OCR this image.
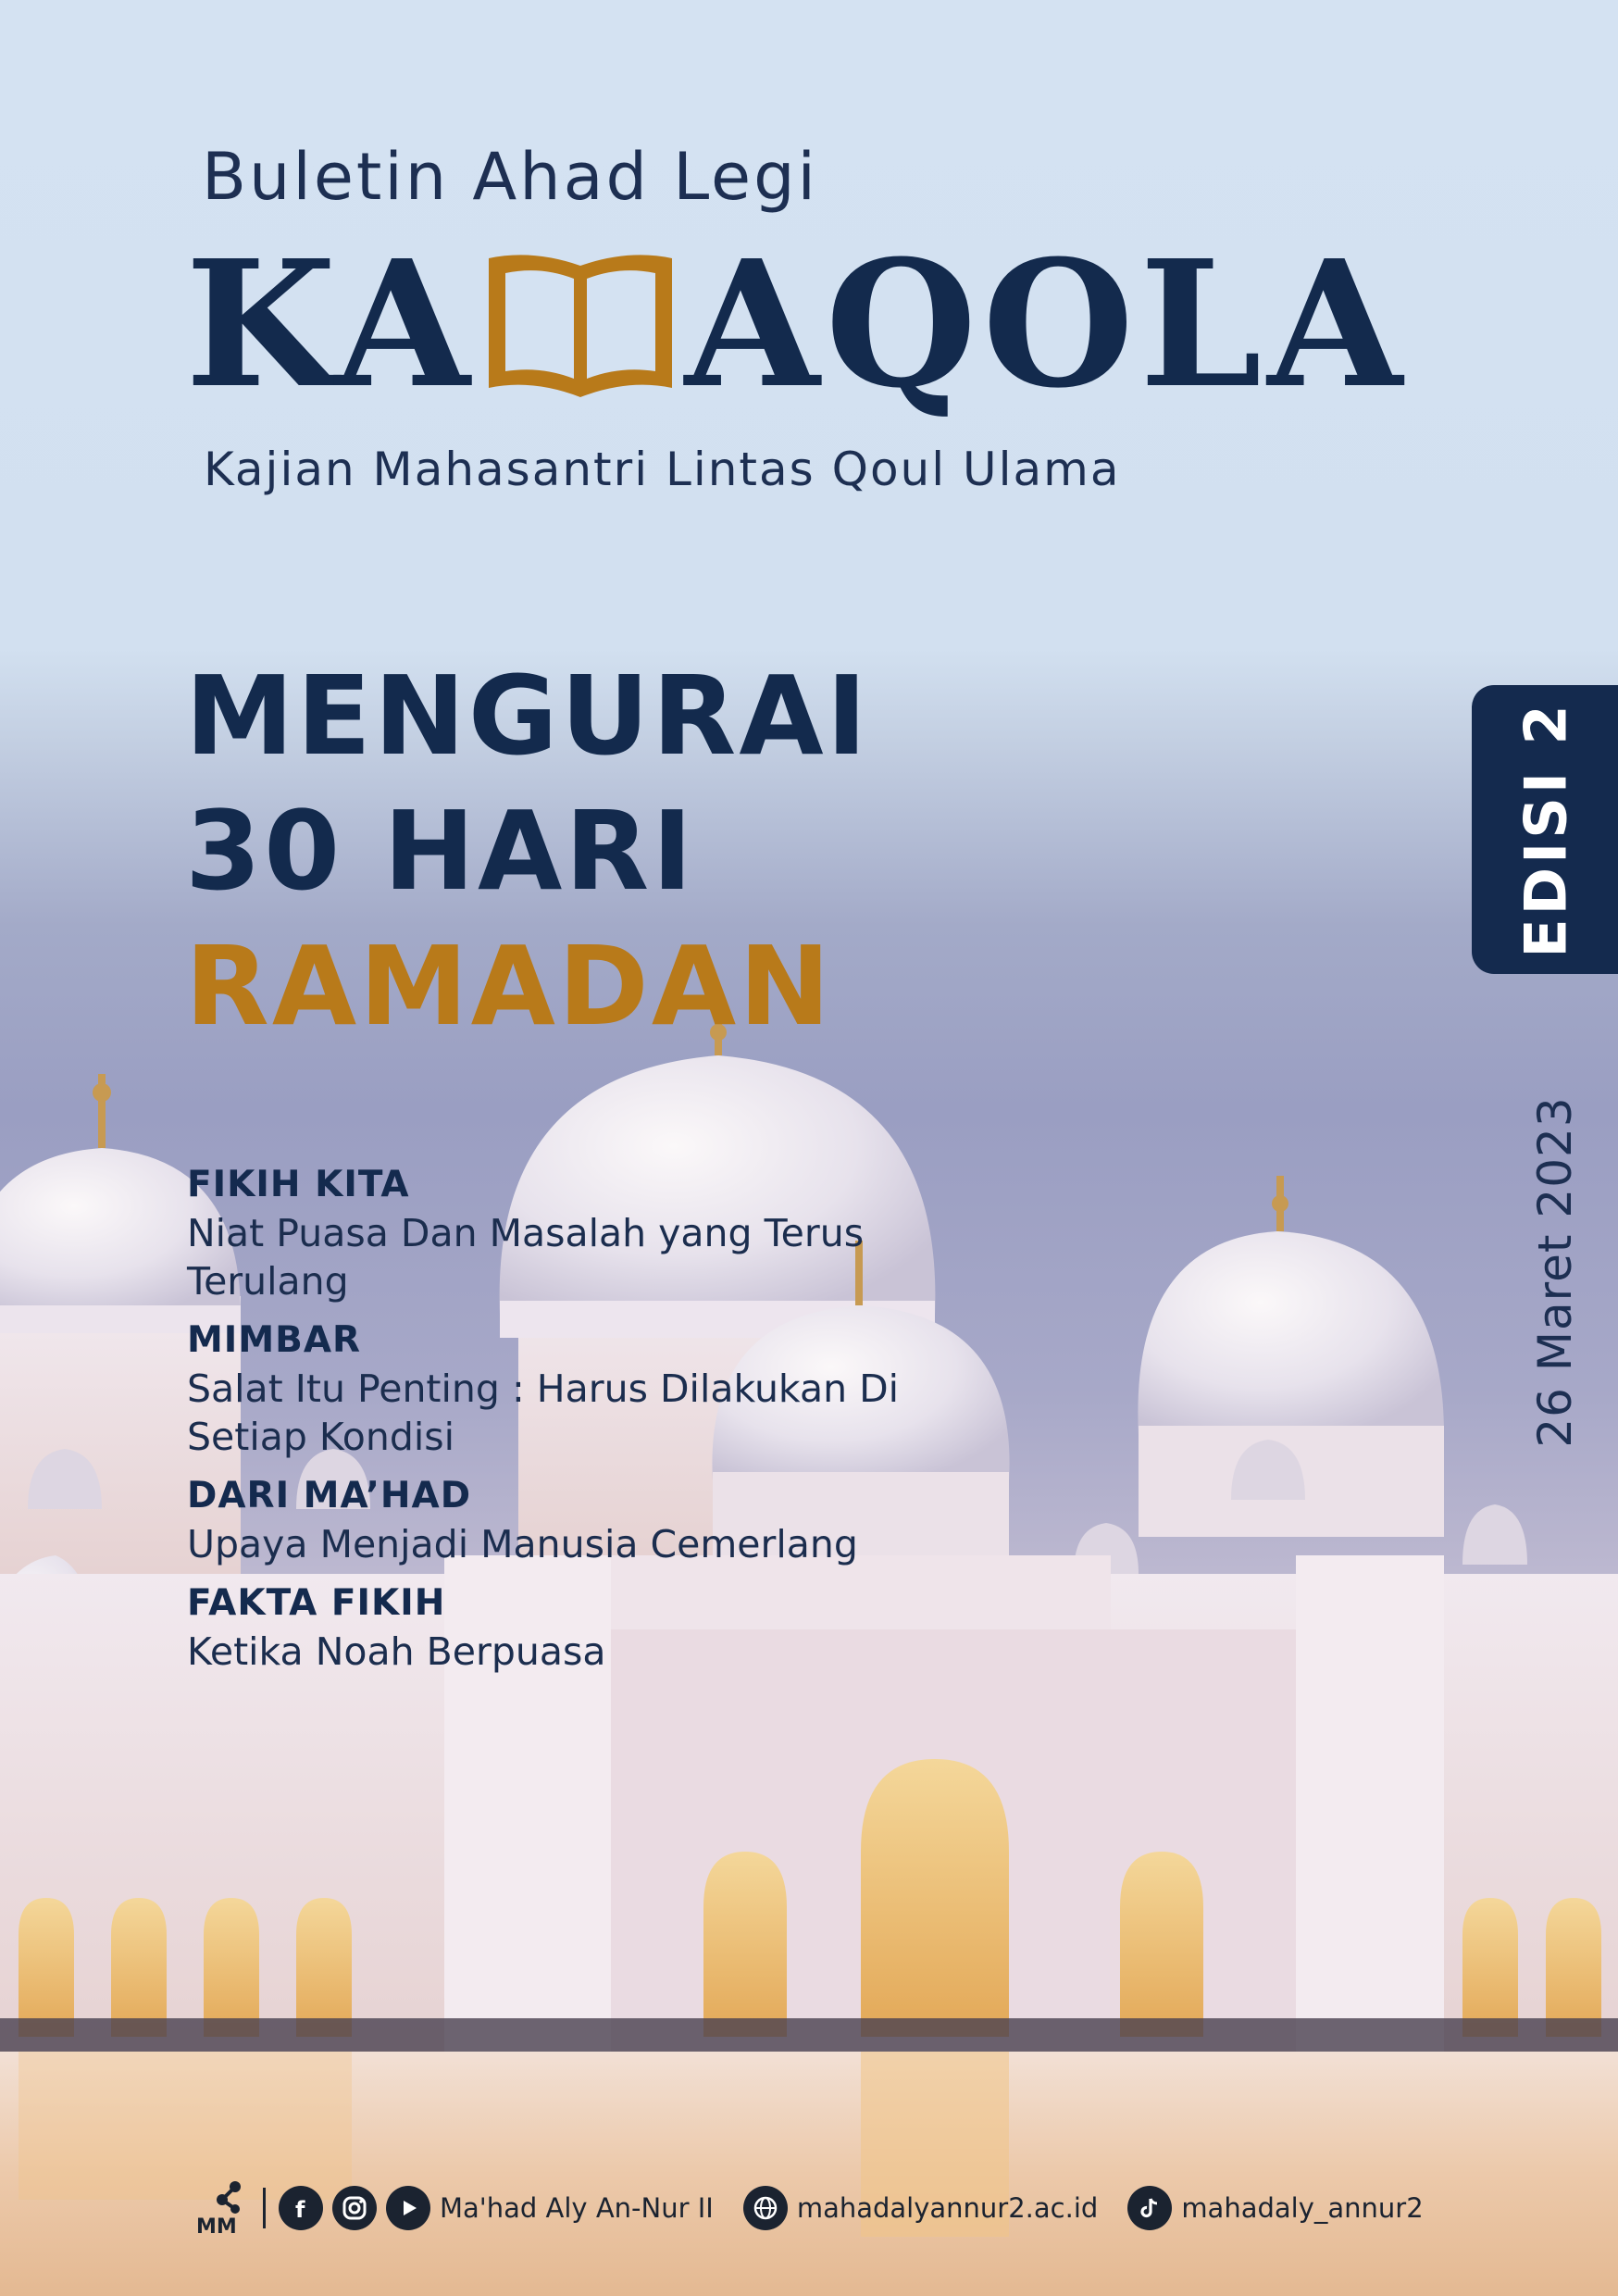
Buletin Ahad Legi
KA AQOLA
Kajian Mahasantri Lintas Qoul Ulama
MENGURAI
30 HARI
RAMADAN
EDISI 2
26 Maret 2023
FIKIH KITA
Niat Puasa Dan Masalah yang Terus Terulang
MIMBAR
Salat Itu Penting : Harus Dilakukan Di Setiap Kondisi
DARI MA’HAD
Upaya Menjadi Manusia Cemerlang
FAKTA FIKIH
Ketika Noah Berpuasa
MM
f	Ma'had Aly An-Nur II	mahadalyannur2.ac.id	mahadaly_annur2
